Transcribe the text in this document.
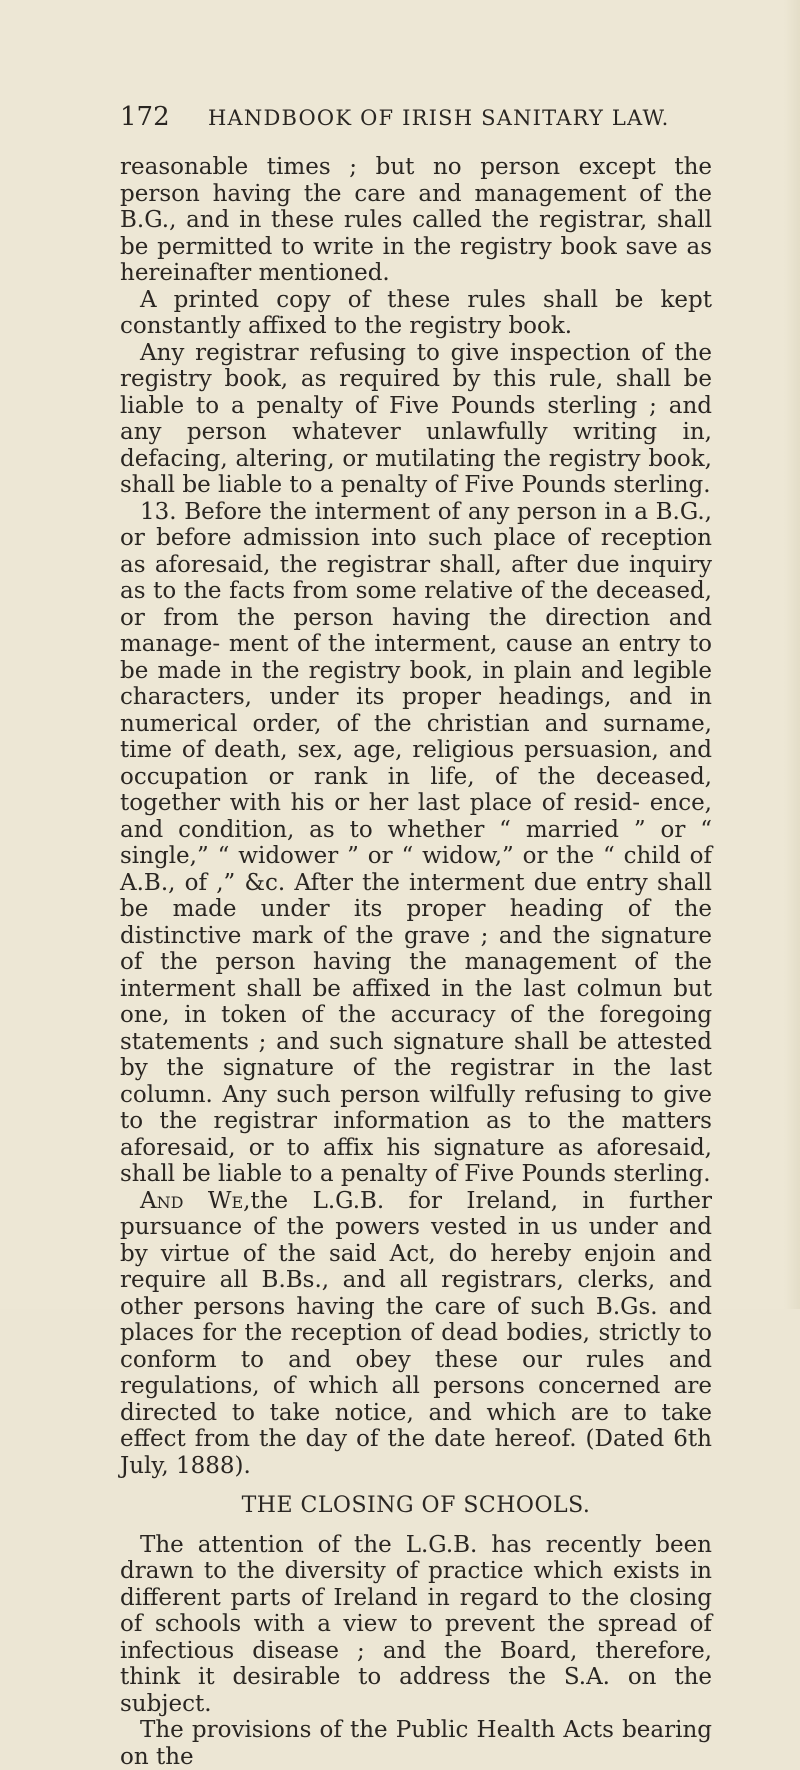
172 HANDBOOK OF IRISH SANITARY LAW.

reasonable times ; but no person except the person having the care and management of the B.G., and in these rules called the registrar, shall be permitted to write in the registry book save as hereinafter mentioned.

A printed copy of these rules shall be kept constantly affixed to the registry book.

Any registrar refusing to give inspection of the registry book, as required by this rule, shall be liable to a penalty of Five Pounds sterling ; and any person whatever unlawfully writing in, defacing, altering, or mutilating the registry book, shall be liable to a penalty of Five Pounds sterling.

13. Before the interment of any person in a B.G., or before admission into such place of reception as aforesaid, the registrar shall, after due inquiry as to the facts from some relative of the deceased, or from the person having the direction and manage- ment of the interment, cause an entry to be made in the registry book, in plain and legible characters, under its proper headings, and in numerical order, of the christian and surname, time of death, sex, age, religious persuasion, and occupation or rank in life, of the deceased, together with his or her last place of resid- ence, and condition, as to whether “ married ” or “ single,” “ widower ” or “ widow,” or the “ child of A.B., of ,” &c. After the interment due entry shall be made under its proper heading of the distinctive mark of the grave ; and the signature of the person having the management of the interment shall be affixed in the last colmun but one, in token of the accuracy of the foregoing statements ; and such signature shall be attested by the signature of the registrar in the last column. Any such person wilfully refusing to give to the registrar information as to the matters aforesaid, or to affix his signature as aforesaid, shall be liable to a penalty of Five Pounds sterling.

And We,the L.G.B. for Ireland, in further pursuance of the powers vested in us under and by virtue of the said Act, do hereby enjoin and require all B.Bs., and all registrars, clerks, and other persons having the care of such B.Gs. and places for the reception of dead bodies, strictly to conform to and obey these our rules and regulations, of which all persons concerned are directed to take notice, and which are to take effect from the day of the date hereof. (Dated 6th July, 1888).

THE CLOSING OF SCHOOLS.

The attention of the L.G.B. has recently been drawn to the diversity of practice which exists in different parts of Ireland in regard to the closing of schools with a view to prevent the spread of infectious disease ; and the Board, therefore, think it desirable to address the S.A. on the subject.

The provisions of the Public Health Acts bearing on the
